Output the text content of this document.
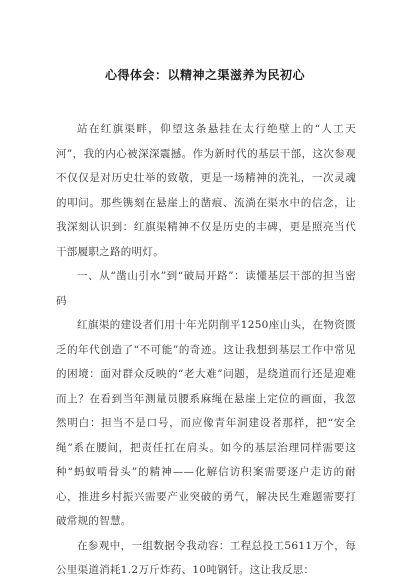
心得体会：以精神之渠滋养为民初心

站在红旗渠畔，仰望这条悬挂在太行绝壁上的“人工天河”，我的内心被深深震撼。作为新时代的基层干部，这次参观不仅仅是对历史壮举的致敬，更是一场精神的洗礼，一次灵魂的叩问。那些镌刻在悬崖上的凿痕、流淌在渠水中的信念，让我深刻认识到：红旗渠精神不仅是历史的丰碑，更是照亮当代干部履职之路的明灯。

一、从“凿山引水”到“破局开路”：读懂基层干部的担当密码

红旗渠的建设者们用十年光阴削平1250座山头，在物资匮乏的年代创造了“不可能”的奇迹。这让我想到基层工作中常见的困境：面对群众反映的“老大难”问题，是绕道而行还是迎难而上？在看到当年测量员腰系麻绳在悬崖上定位的画面，我忽然明白：担当不是口号，而应像青年洞建设者那样，把“安全绳”系在腰间，把责任扛在肩头。如今的基层治理同样需要这种“蚂蚁啃骨头”的精神——化解信访积案需要逐户走访的耐心，推进乡村振兴需要产业突破的勇气，解决民生难题需要打破常规的智慧。

在参观中，一组数据令我动容：工程总投工5611万个，每公里渠道消耗1.2万斤炸药、10吨钢钎。这让我反思：
